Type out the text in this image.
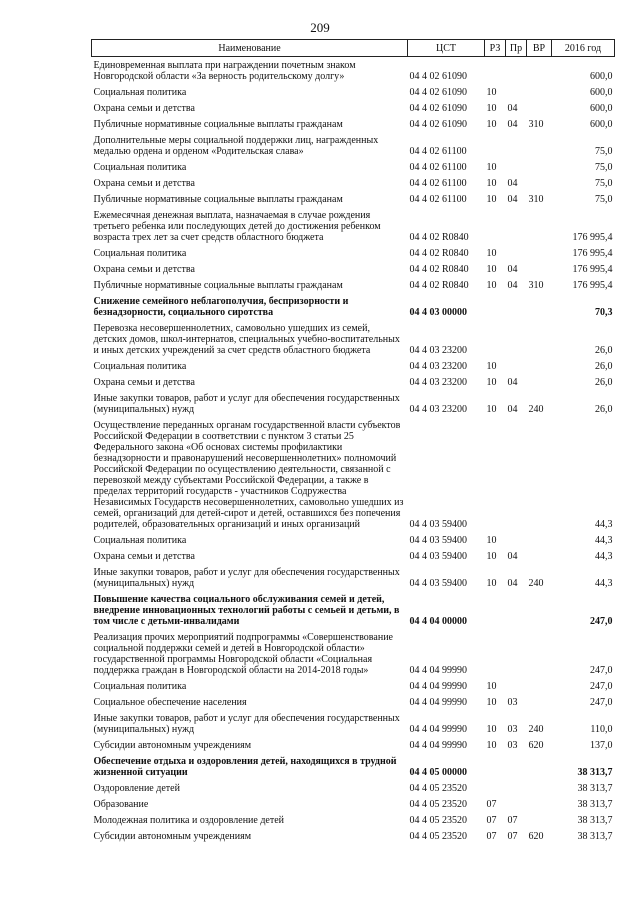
209
Наименование	ЦСТ	РЗ	Пр	ВР	2016 год
Единовременная выплата при награждении почетным знаком Новгородской области «За верность родительскому долгу»	04 4 02 61090				600,0
Социальная политика	04 4 02 61090	10			600,0
Охрана семьи и детства	04 4 02 61090	10	04		600,0
Публичные нормативные социальные выплаты гражданам	04 4 02 61090	10	04	310	600,0
Дополнительные меры социальной поддержки лиц, награжденных медалью ордена и орденом «Родительская слава»	04 4 02 61100				75,0
Социальная политика	04 4 02 61100	10			75,0
Охрана семьи и детства	04 4 02 61100	10	04		75,0
Публичные нормативные социальные выплаты гражданам	04 4 02 61100	10	04	310	75,0
Ежемесячная денежная выплата, назначаемая в случае рождения третьего ребенка или последующих детей до достижения ребенком возраста трех лет за счет средств областного бюджета	04 4 02 R0840				176 995,4
Социальная политика	04 4 02 R0840	10			176 995,4
Охрана семьи и детства	04 4 02 R0840	10	04		176 995,4
Публичные нормативные социальные выплаты гражданам	04 4 02 R0840	10	04	310	176 995,4
Снижение семейного неблагополучия, беспризорности и безнадзорности, социального сиротства	04 4 03 00000				70,3
Перевозка несовершеннолетних, самовольно ушедших из семей, детских домов, школ-интернатов, специальных учебно-воспитательных и иных детских учреждений за счет средств областного бюджета	04 4 03 23200				26,0
Социальная политика	04 4 03 23200	10			26,0
Охрана семьи и детства	04 4 03 23200	10	04		26,0
Иные закупки товаров, работ и услуг для обеспечения государственных (муниципальных) нужд	04 4 03 23200	10	04	240	26,0
Осуществление переданных органам государственной власти субъектов Российской Федерации в соответствии с пунктом 3 статьи 25 Федерального закона «Об основах системы профилактики безнадзорности и правонарушений несовершеннолетних» полномочий Российской Федерации по осуществлению деятельности, связанной с перевозкой между субъектами Российской Федерации, а также в пределах территорий государств - участников Содружества Независимых Государств несовершеннолетних, самовольно ушедших из семей, организаций для детей-сирот и детей, оставшихся без попечения родителей, образовательных организаций и иных организаций	04 4 03 59400				44,3
Социальная политика	04 4 03 59400	10			44,3
Охрана семьи и детства	04 4 03 59400	10	04		44,3
Иные закупки товаров, работ и услуг для обеспечения государственных (муниципальных) нужд	04 4 03 59400	10	04	240	44,3
Повышение качества социального обслуживания семей и детей, внедрение инновационных технологий работы с семьей и детьми, в том числе с детьми-инвалидами	04 4 04 00000				247,0
Реализация прочих мероприятий подпрограммы «Совершенствование социальной поддержки семей и детей в Новгородской области» государственной программы Новгородской области «Социальная поддержка граждан в Новгородской области на 2014-2018 годы»	04 4 04 99990				247,0
Социальная политика	04 4 04 99990	10			247,0
Социальное обеспечение населения	04 4 04 99990	10	03		247,0
Иные закупки товаров, работ и услуг для обеспечения государственных (муниципальных) нужд	04 4 04 99990	10	03	240	110,0
Субсидии автономным учреждениям	04 4 04 99990	10	03	620	137,0
Обеспечение отдыха и оздоровления детей, находящихся в трудной жизненной ситуации	04 4 05 00000				38 313,7
Оздоровление детей	04 4 05 23520				38 313,7
Образование	04 4 05 23520	07			38 313,7
Молодежная политика и оздоровление детей	04 4 05 23520	07	07		38 313,7
Субсидии автономным учреждениям	04 4 05 23520	07	07	620	38 313,7
